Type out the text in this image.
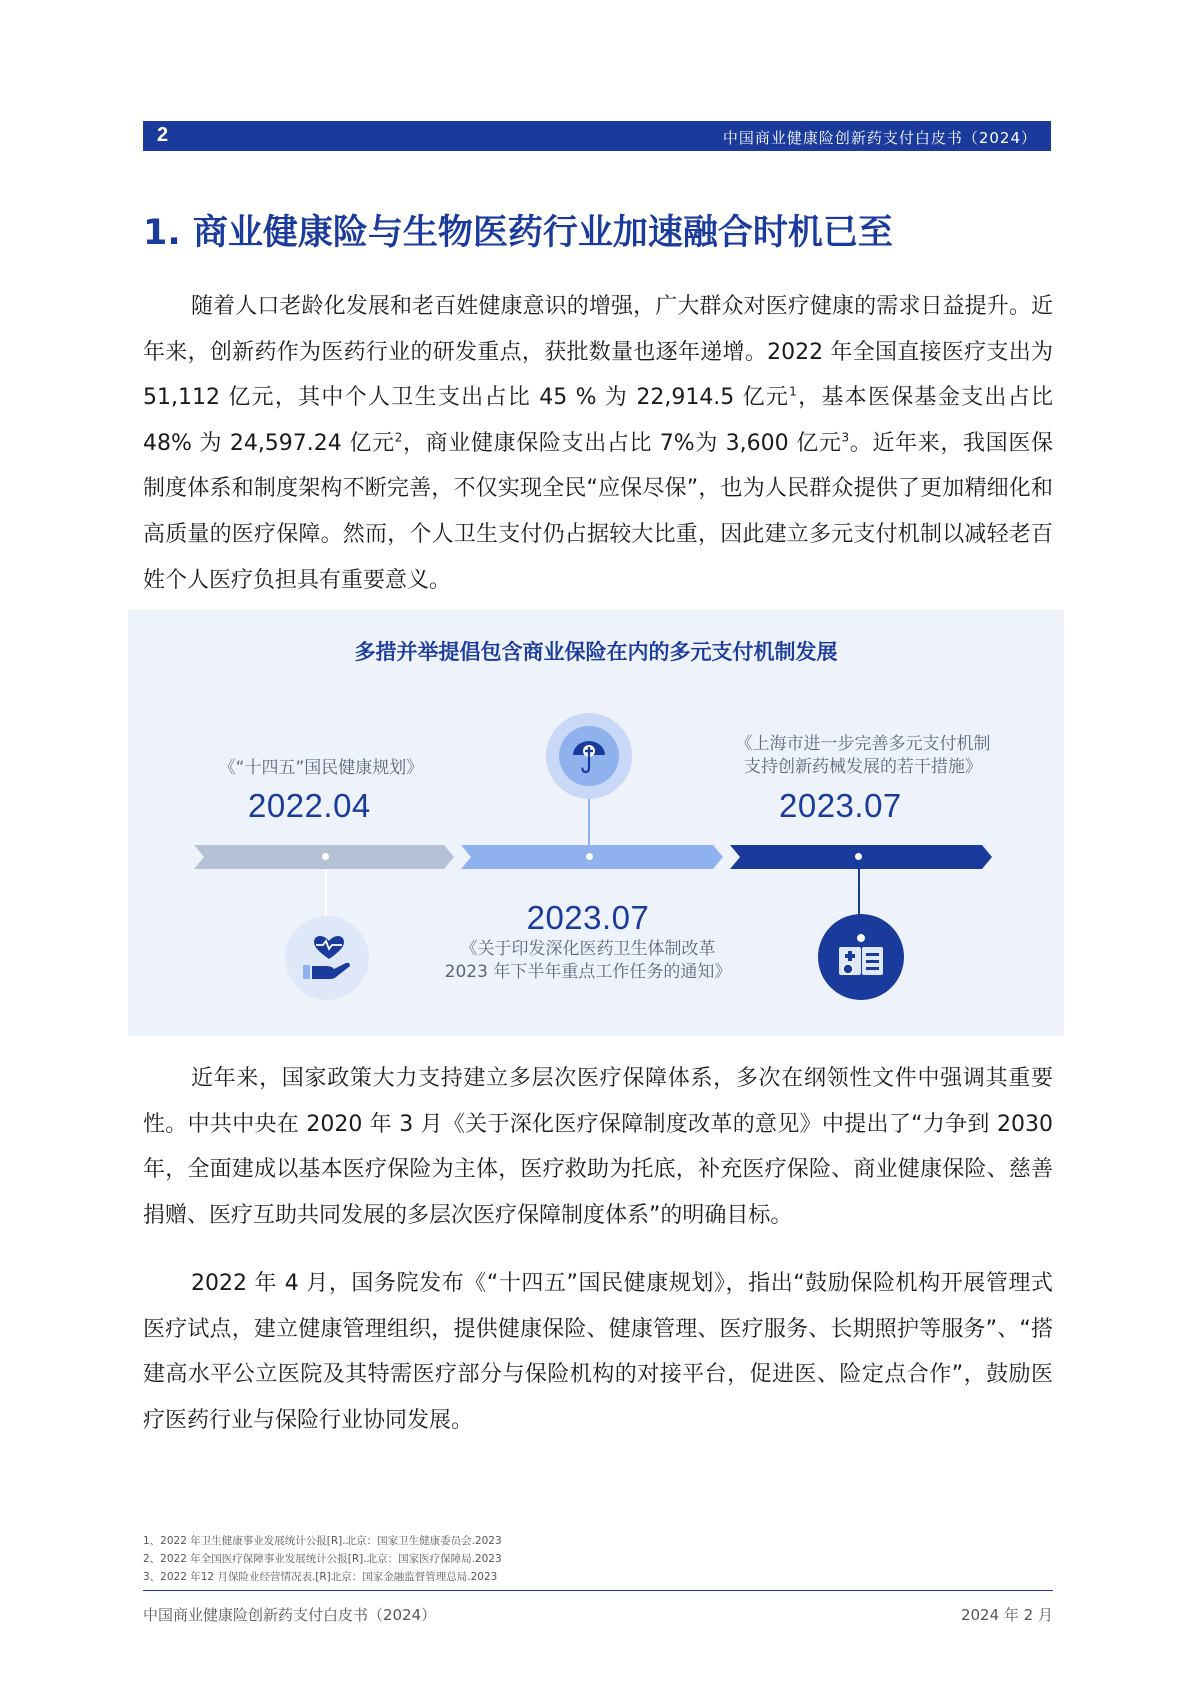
2	中国商业健康险创新药支付白皮书（2024）
1. 商业健康险与生物医药行业加速融合时机已至

随着人口老龄化发展和老百姓健康意识的增强，广大群众对医疗健康的需求日益提升。近年来，创新药作为医药行业的研发重点，获批数量也逐年递增。2022 年全国直接医疗支出为 51,112 亿元，其中个人卫生支出占比 45 % 为 22,914.5 亿元$^1$，基本医保基金支出占比 48% 为 24,597.24 亿元$^2$，商业健康保险支出占比 7%为 3,600 亿元$^3$。近年来，我国医保制度体系和制度架构不断完善，不仅实现全民“应保尽保”，也为人民群众提供了更加精细化和高质量的医疗保障。然而，个人卫生支付仍占据较大比重，因此建立多元支付机制以减轻老百姓个人医疗负担具有重要意义。

多措并举提倡包含商业保险在内的多元支付机制发展
《“十四五”国民健康规划》
2022.04
《上海市进一步完善多元支付机制
支持创新药械发展的若干措施》
2023.07
2023.07
《关于印发深化医药卫生体制改革
2023 年下半年重点工作任务的通知》

近年来，国家政策大力支持建立多层次医疗保障体系，多次在纲领性文件中强调其重要性。中共中央在 2020 年 3 月《关于深化医疗保障制度改革的意见》中提出了“力争到 2030 年，全面建成以基本医疗保险为主体，医疗救助为托底，补充医疗保险、商业健康保险、慈善捐赠、医疗互助共同发展的多层次医疗保障制度体系”的明确目标。

2022 年 4 月，国务院发布《“十四五”国民健康规划》，指出“鼓励保险机构开展管理式医疗试点，建立健康管理组织，提供健康保险、健康管理、医疗服务、长期照护等服务”、“搭建高水平公立医院及其特需医疗部分与保险机构的对接平台，促进医、险定点合作”，鼓励医疗医药行业与保险行业协同发展。

1、2022 年卫生健康事业发展统计公报[R].北京：国家卫生健康委员会.2023
2、2022 年全国医疗保障事业发展统计公报[R].北京：国家医疗保障局.2023
3、2022 年12 月保险业经营情况表.[R]北京：国家金融监督管理总局.2023
中国商业健康险创新药支付白皮书（2024）	2024 年 2 月
